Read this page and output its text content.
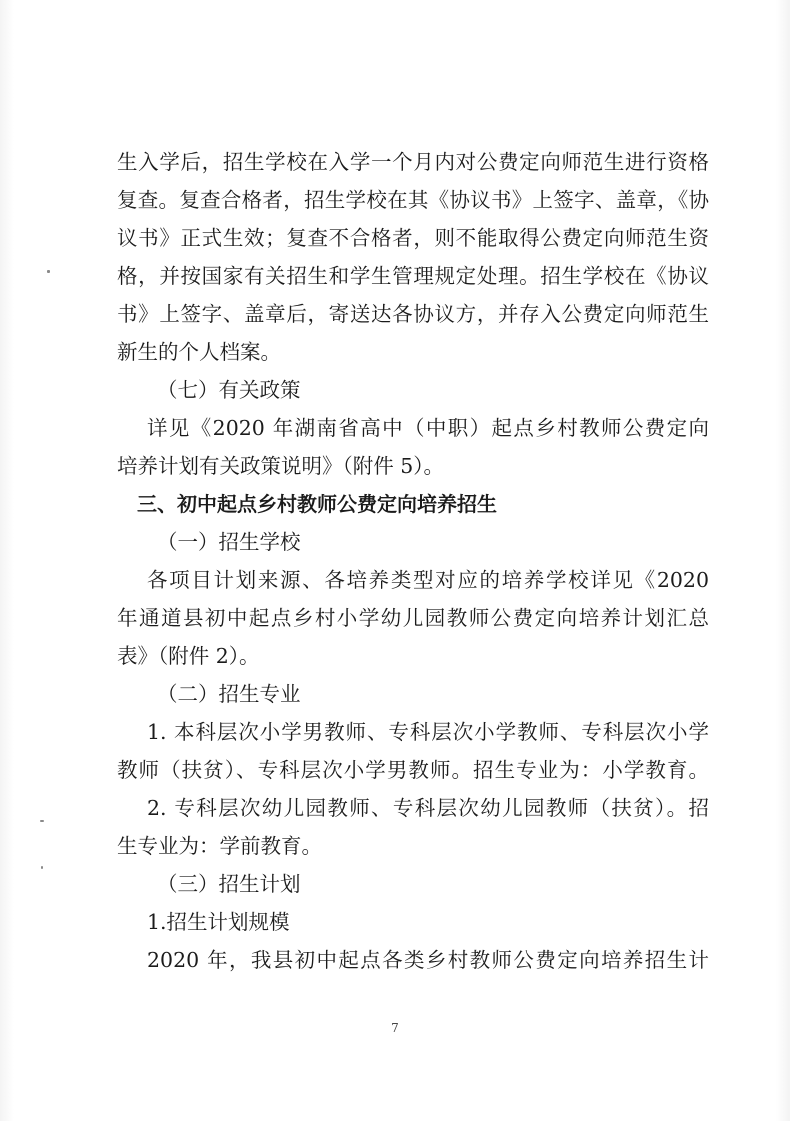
生入学后，招生学校在入学一个月内对公费定向师范生进行资格
复查。复查合格者，招生学校在其《协议书》上签字、盖章，《协
议书》正式生效；复查不合格者，则不能取得公费定向师范生资
格，并按国家有关招生和学生管理规定处理。招生学校在《协议
书》上签字、盖章后，寄送达各协议方，并存入公费定向师范生
新生的个人档案。
（七）有关政策
详见《2020 年湖南省高中（中职）起点乡村教师公费定向
培养计划有关政策说明》（附件 5）。
三、初中起点乡村教师公费定向培养招生
（一）招生学校
各项目计划来源、各培养类型对应的培养学校详见《2020
年通道县初中起点乡村小学幼儿园教师公费定向培养计划汇总
表》（附件 2）。
（二）招生专业
1. 本科层次小学男教师、专科层次小学教师、专科层次小学
教师（扶贫）、专科层次小学男教师。招生专业为：小学教育。
2. 专科层次幼儿园教师、专科层次幼儿园教师（扶贫）。招
生专业为：学前教育。
（三）招生计划
1.招生计划规模
2020 年，我县初中起点各类乡村教师公费定向培养招生计
7
